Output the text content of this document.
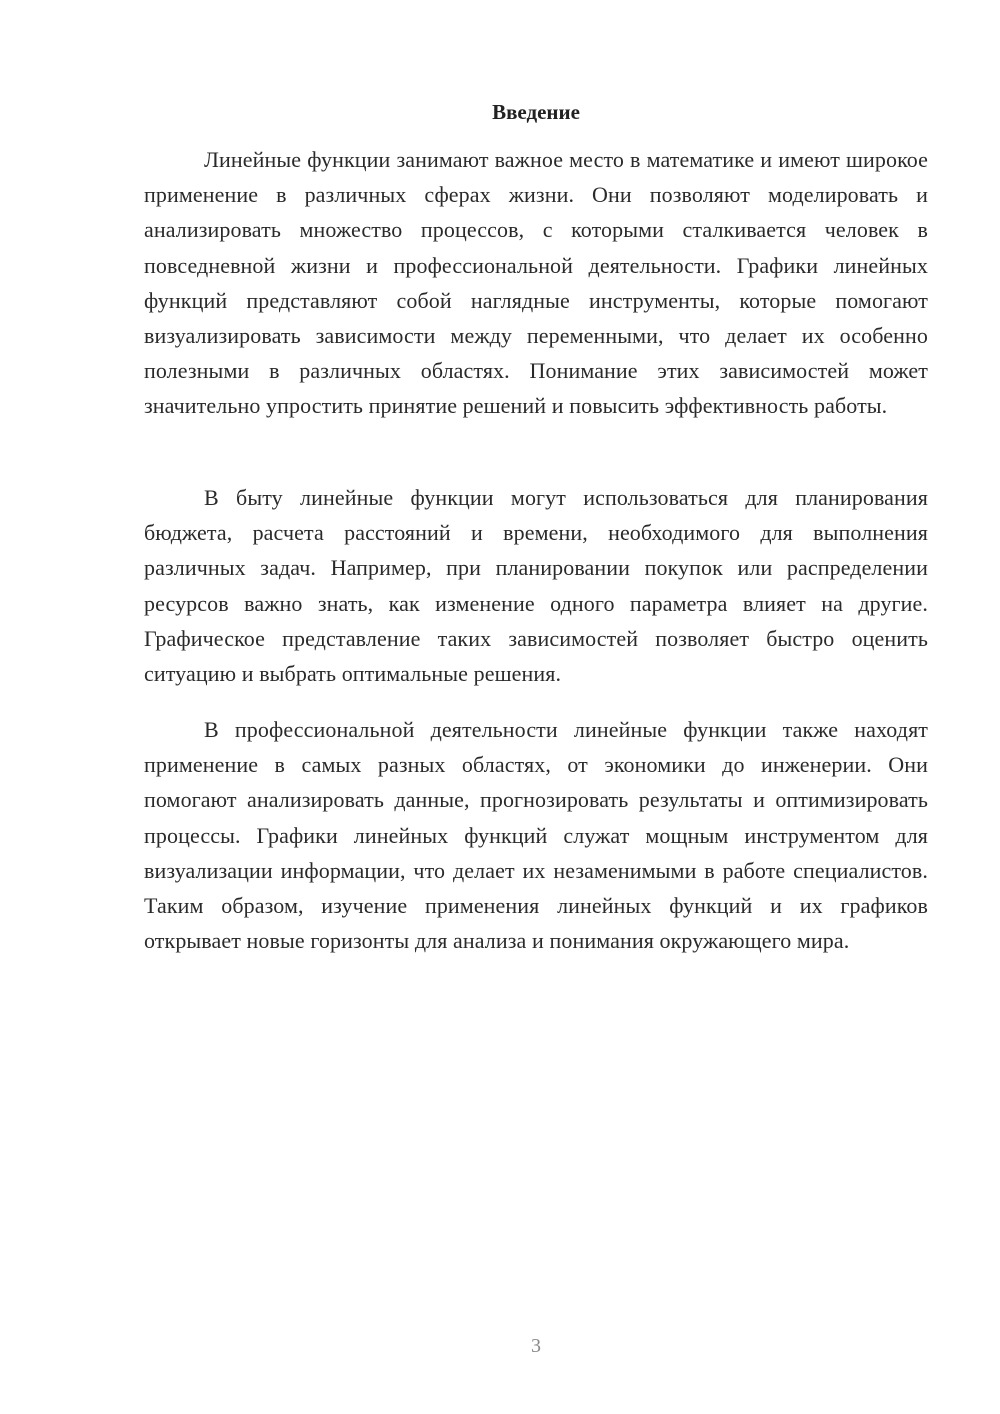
Введение

Линейные функции занимают важное место в математике и имеют широкое применение в различных сферах жизни. Они позволяют моделировать и анализировать множество процессов, с которыми сталкивается человек в повседневной жизни и профессиональной деятельности. Графики линейных функций представляют собой наглядные инструменты, которые помогают визуализировать зависимости между переменными, что делает их особенно полезными в различных областях. Понимание этих зависимостей может значительно упростить принятие решений и повысить эффективность работы.

В быту линейные функции могут использоваться для планирования бюджета, расчета расстояний и времени, необходимого для выполнения различных задач. Например, при планировании покупок или распределении ресурсов важно знать, как изменение одного параметра влияет на другие. Графическое представление таких зависимостей позволяет быстро оценить ситуацию и выбрать оптимальные решения.

В профессиональной деятельности линейные функции также находят применение в самых разных областях, от экономики до инженерии. Они помогают анализировать данные, прогнозировать результаты и оптимизировать процессы. Графики линейных функций служат мощным инструментом для визуализации информации, что делает их незаменимыми в работе специалистов. Таким образом, изучение применения линейных функций и их графиков открывает новые горизонты для анализа и понимания окружающего мира.

3
